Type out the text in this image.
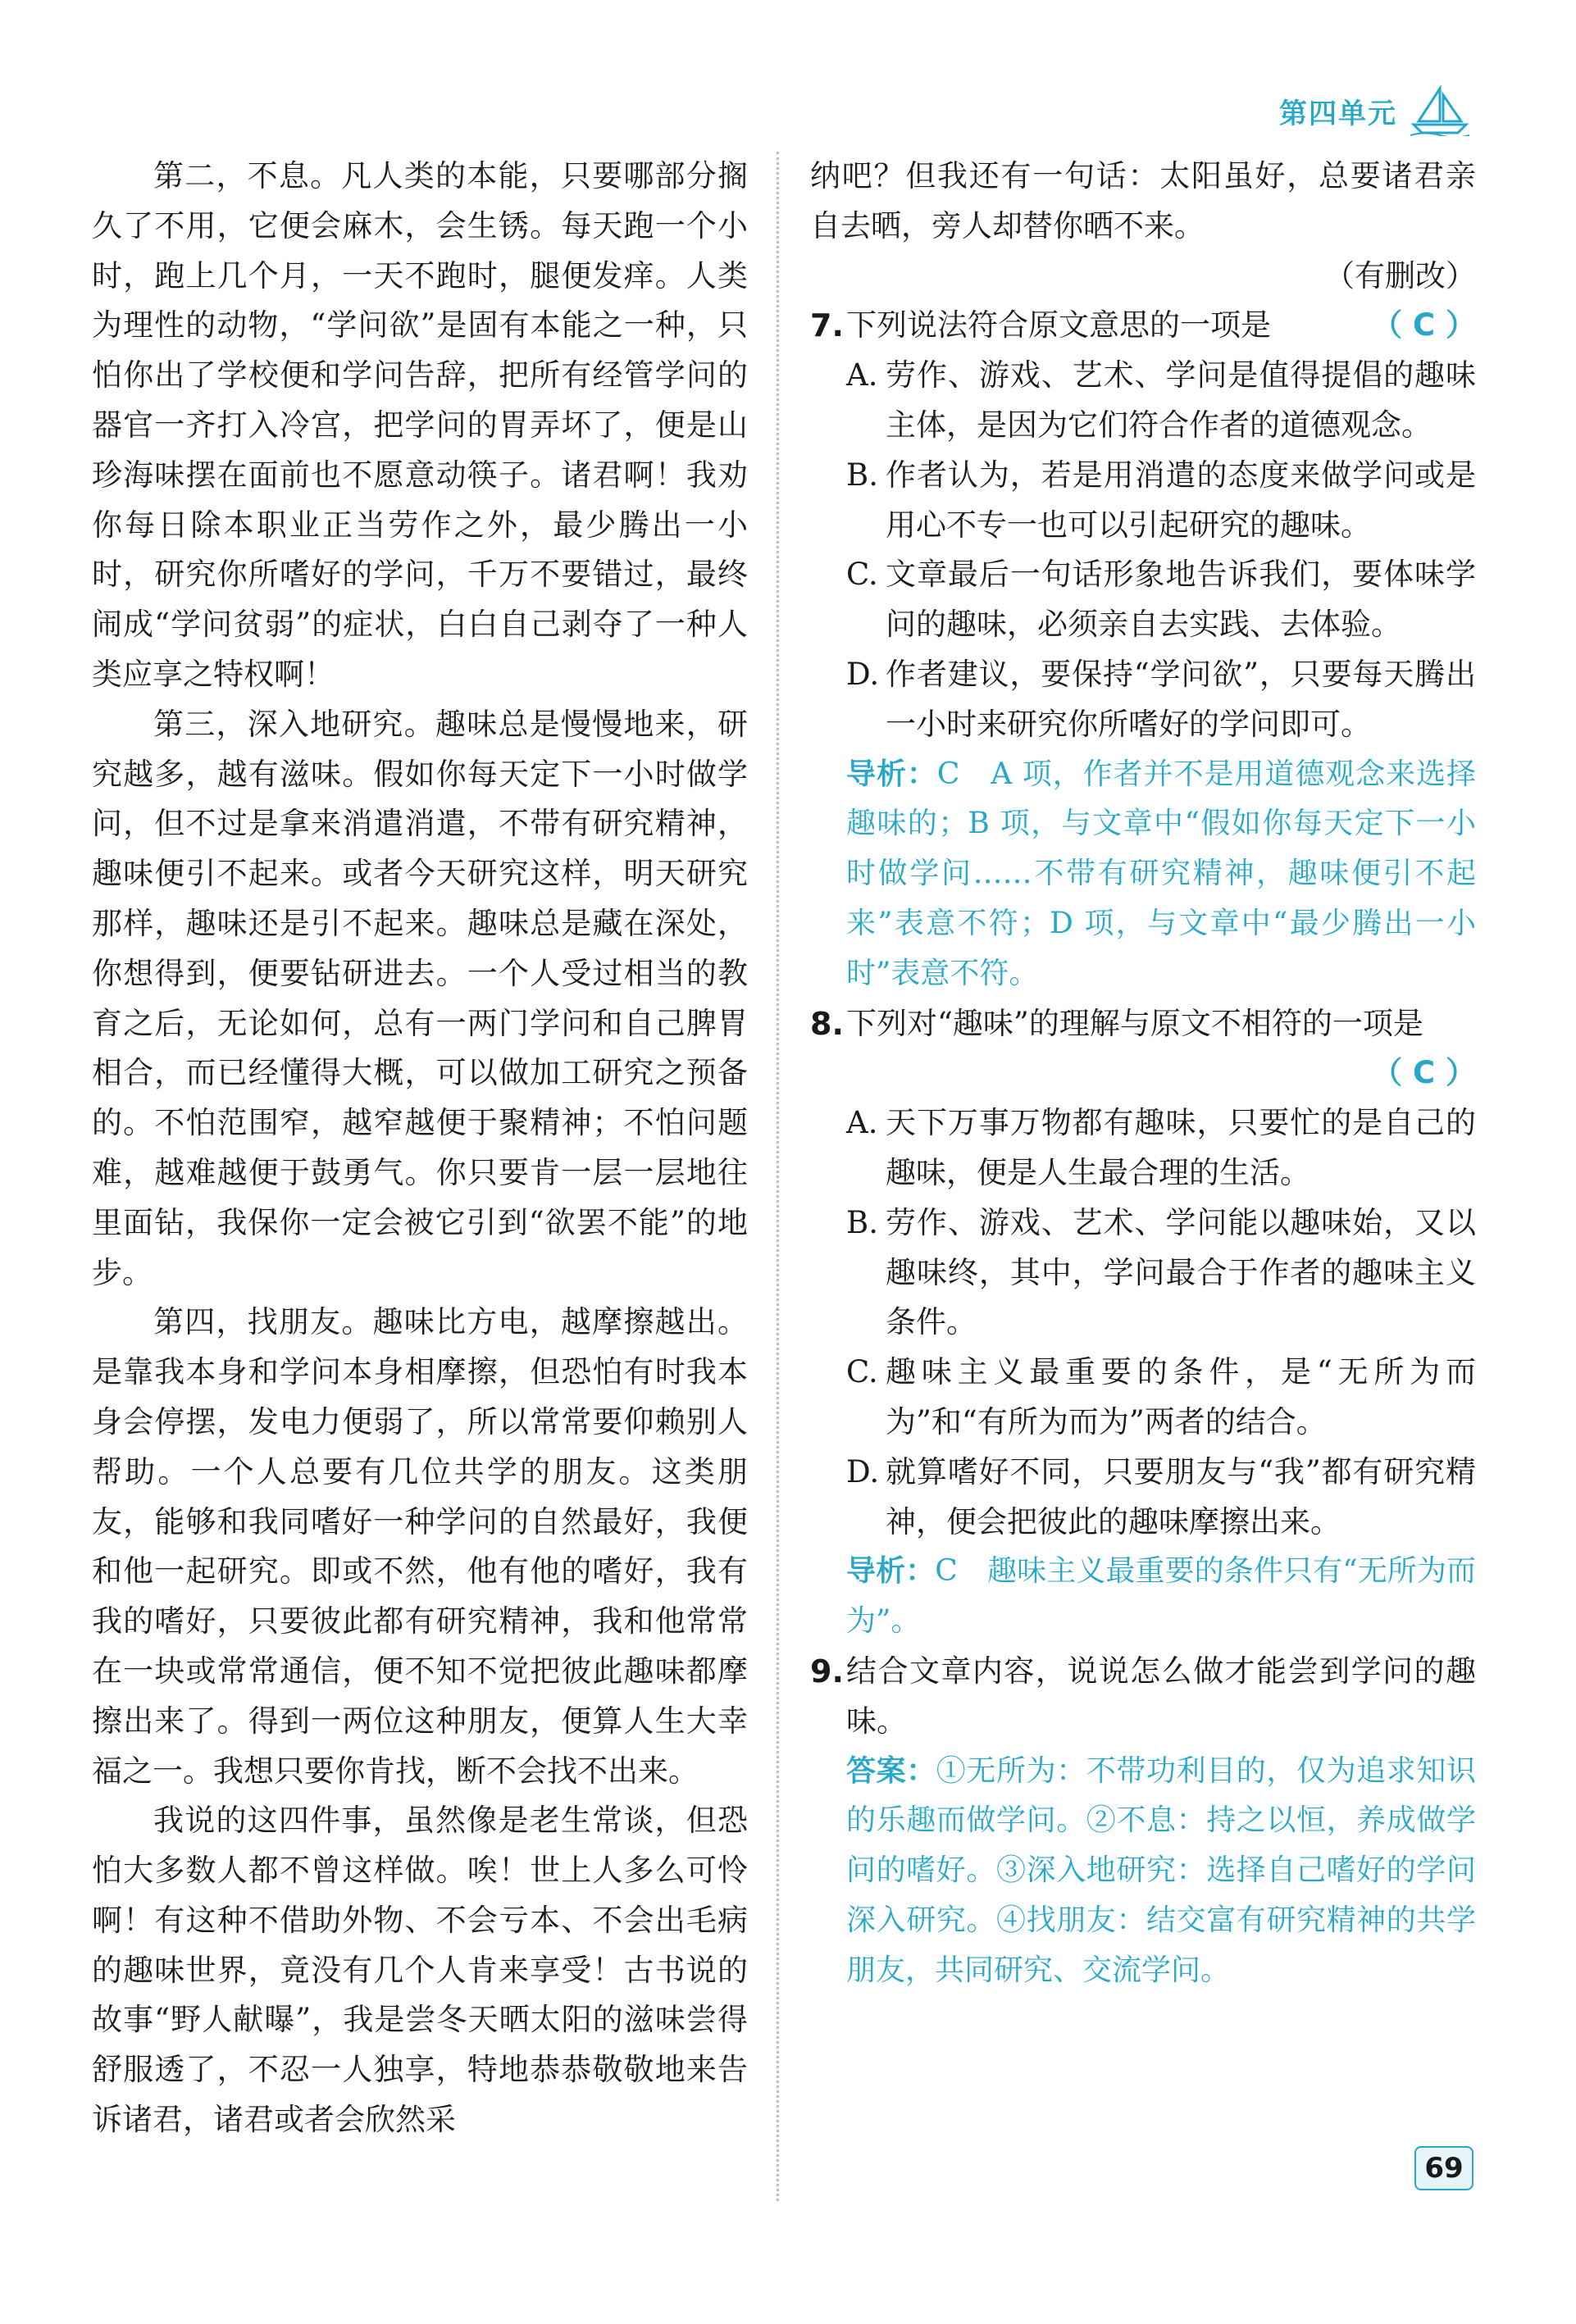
第四单元

第二，不息。凡人类的本能，只要哪部分搁久了不用，它便会麻木，会生锈。每天跑一个小时，跑上几个月，一天不跑时，腿便发痒。人类为理性的动物，“学问欲”是固有本能之一种，只怕你出了学校便和学问告辞，把所有经管学问的器官一齐打入冷宫，把学问的胃弄坏了，便是山珍海味摆在面前也不愿意动筷子。诸君啊！我劝你每日除本职业正当劳作之外，最少腾出一小时，研究你所嗜好的学问，千万不要错过，最终闹成“学问贫弱”的症状，白白自己剥夺了一种人类应享之特权啊！

第三，深入地研究。趣味总是慢慢地来，研究越多，越有滋味。假如你每天定下一小时做学问，但不过是拿来消遣消遣，不带有研究精神，趣味便引不起来。或者今天研究这样，明天研究那样，趣味还是引不起来。趣味总是藏在深处，你想得到，便要钻研进去。一个人受过相当的教育之后，无论如何，总有一两门学问和自己脾胃相合，而已经懂得大概，可以做加工研究之预备的。不怕范围窄，越窄越便于聚精神；不怕问题难，越难越便于鼓勇气。你只要肯一层一层地往里面钻，我保你一定会被它引到“欲罢不能”的地步。

第四，找朋友。趣味比方电，越摩擦越出。是靠我本身和学问本身相摩擦，但恐怕有时我本身会停摆，发电力便弱了，所以常常要仰赖别人帮助。一个人总要有几位共学的朋友。这类朋友，能够和我同嗜好一种学问的自然最好，我便和他一起研究。即或不然，他有他的嗜好，我有我的嗜好，只要彼此都有研究精神，我和他常常在一块或常常通信，便不知不觉把彼此趣味都摩擦出来了。得到一两位这种朋友，便算人生大幸福之一。我想只要你肯找，断不会找不出来。

我说的这四件事，虽然像是老生常谈，但恐怕大多数人都不曾这样做。唉！世上人多么可怜啊！有这种不借助外物、不会亏本、不会出毛病的趣味世界，竟没有几个人肯来享受！古书说的故事“野人献曝”，我是尝冬天晒太阳的滋味尝得舒服透了，不忍一人独享，特地恭恭敬敬地来告诉诸君，诸君或者会欣然采

纳吧？但我还有一句话：太阳虽好，总要诸君亲自去晒，旁人却替你晒不来。

（有删改）

7.	（ C ）
下列说法符合原文意思的一项是
A. 劳作、游戏、艺术、学问是值得提倡的趣味主体，是因为它们符合作者的道德观念。
B. 作者认为，若是用消遣的态度来做学问或是用心不专一也可以引起研究的趣味。
C. 文章最后一句话形象地告诉我们，要体味学问的趣味，必须亲自去实践、去体验。
D. 作者建议，要保持“学问欲”，只要每天腾出一小时来研究你所嗜好的学问即可。

导析：C　A 项，作者并不是用道德观念来选择趣味的；B 项，与文章中“假如你每天定下一小时做学问……不带有研究精神，趣味便引不起来”表意不符；D 项，与文章中“最少腾出一小时”表意不符。

8. 下列对“趣味”的理解与原文不相符的一项是
（ C ）
A. 天下万事万物都有趣味，只要忙的是自己的趣味，便是人生最合理的生活。
B. 劳作、游戏、艺术、学问能以趣味始，又以趣味终，其中，学问最合于作者的趣味主义条件。
C. 趣味主义最重要的条件，是“无所为而为”和“有所为而为”两者的结合。
D. 就算嗜好不同，只要朋友与“我”都有研究精神，便会把彼此的趣味摩擦出来。

导析：C　趣味主义最重要的条件只有“无所为而为”。

9. 结合文章内容，说说怎么做才能尝到学问的趣味。

答案：①无所为：不带功利目的，仅为追求知识的乐趣而做学问。②不息：持之以恒，养成做学问的嗜好。③深入地研究：选择自己嗜好的学问深入研究。④找朋友：结交富有研究精神的共学朋友，共同研究、交流学问。

69
